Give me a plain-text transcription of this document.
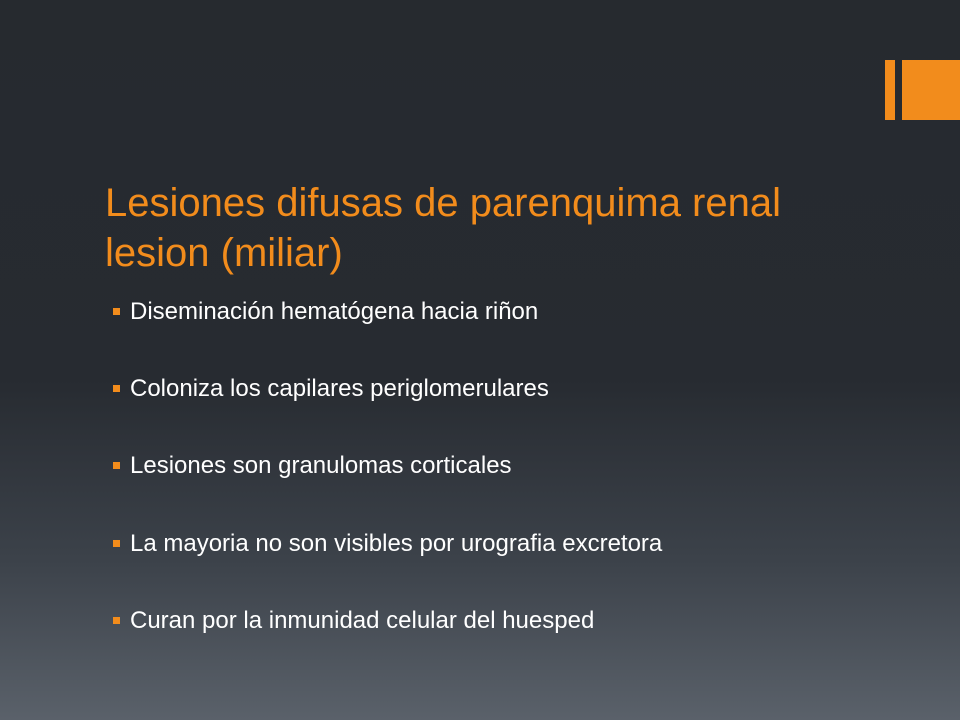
Lesiones difusas de parenquima renal
lesion (miliar)
Diseminación hematógena hacia riñon
Coloniza los capilares periglomerulares
Lesiones son granulomas corticales
La mayoria no son visibles por urografia excretora
Curan por la inmunidad celular del huesped
